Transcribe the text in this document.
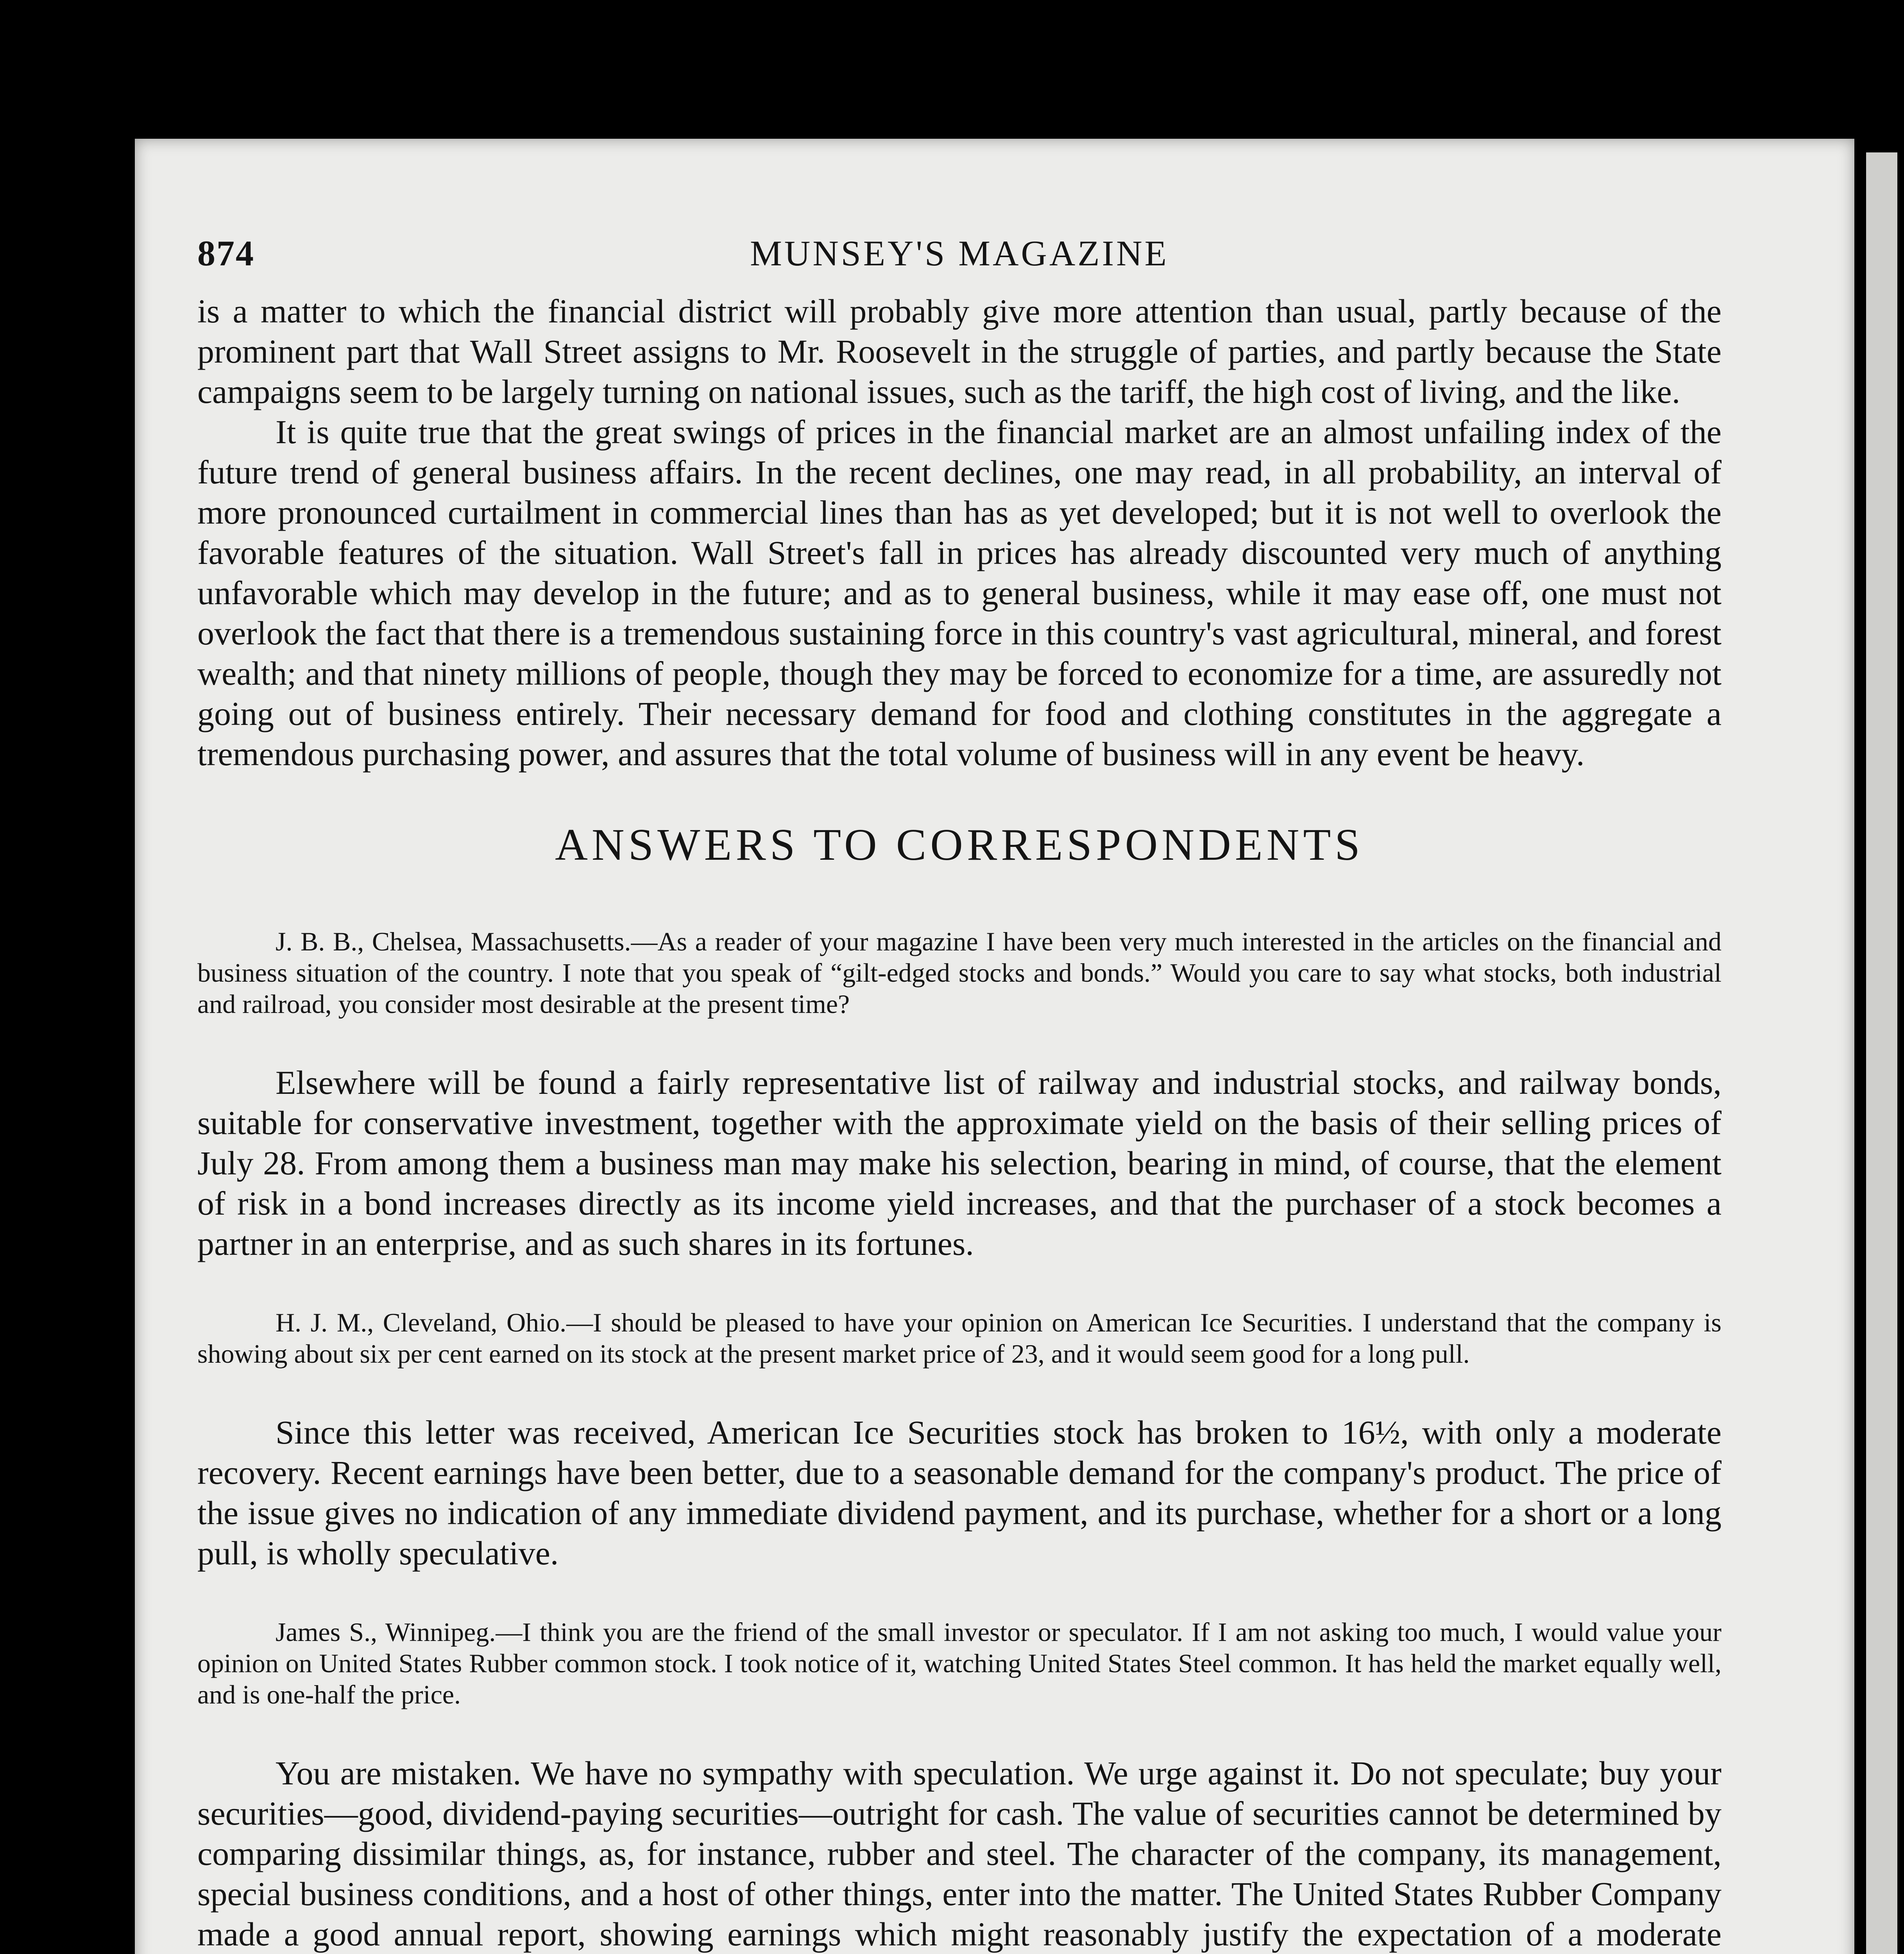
874	MUNSEY'S MAGAZINE

is a matter to which the financial district will probably give more attention than usual, partly because of the prominent part that Wall Street assigns to Mr. Roosevelt in the struggle of parties, and partly because the State campaigns seem to be largely turning on national issues, such as the tariff, the high cost of living, and the like.

It is quite true that the great swings of prices in the financial market are an almost unfailing index of the future trend of general business affairs. In the recent declines, one may read, in all probability, an interval of more pronounced curtailment in commercial lines than has as yet developed; but it is not well to overlook the favorable features of the situation. Wall Street's fall in prices has already discounted very much of anything unfavorable which may develop in the future; and as to general business, while it may ease off, one must not overlook the fact that there is a tremendous sustaining force in this country's vast agricultural, mineral, and forest wealth; and that ninety millions of people, though they may be forced to economize for a time, are assuredly not going out of business entirely. Their necessary demand for food and clothing constitutes in the aggregate a tremendous purchasing power, and assures that the total volume of business will in any event be heavy.

ANSWERS TO CORRESPONDENTS

J. B. B., Chelsea, Massachusetts.—As a reader of your magazine I have been very much interested in the articles on the financial and business situation of the country. I note that you speak of “gilt-edged stocks and bonds.” Would you care to say what stocks, both industrial and railroad, you consider most desirable at the present time?

Elsewhere will be found a fairly representative list of railway and industrial stocks, and railway bonds, suitable for conservative investment, together with the approximate yield on the basis of their selling prices of July 28. From among them a business man may make his selection, bearing in mind, of course, that the element of risk in a bond increases directly as its income yield increases, and that the purchaser of a stock becomes a partner in an enterprise, and as such shares in its fortunes.

H. J. M., Cleveland, Ohio.—I should be pleased to have your opinion on American Ice Securities. I understand that the company is showing about six per cent earned on its stock at the present market price of 23, and it would seem good for a long pull.

Since this letter was received, American Ice Securities stock has broken to 16½, with only a moderate recovery. Recent earnings have been better, due to a seasonable demand for the company's product. The price of the issue gives no indication of any immediate dividend payment, and its purchase, whether for a short or a long pull, is wholly speculative.

James S., Winnipeg.—I think you are the friend of the small investor or speculator. If I am not asking too much, I would value your opinion on United States Rubber common stock. I took notice of it, watching United States Steel common. It has held the market equally well, and is one-half the price.

You are mistaken. We have no sympathy with speculation. We urge against it. Do not speculate; buy your securities—good, dividend-paying securities—outright for cash. The value of securities cannot be determined by comparing dissimilar things, as, for instance, rubber and steel. The character of the company, its management, special business conditions, and a host of other things, enter into the matter. The United States Rubber Company made a good annual report, showing earnings which might reasonably justify the expectation of a moderate
